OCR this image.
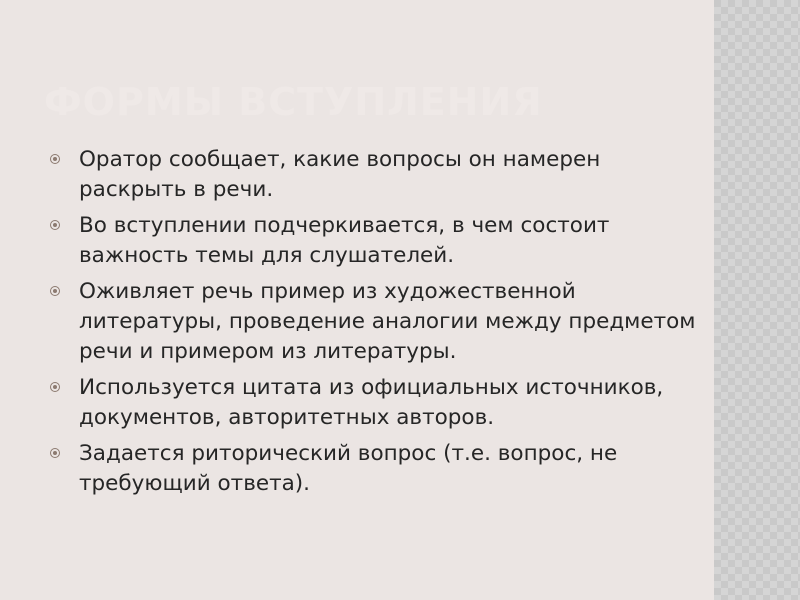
ФОРМЫ ВСТУПЛЕНИЯ
Оратор сообщает, какие вопросы он намерен раскрыть в речи.
Во вступлении подчеркивается, в чем состоит важность темы для слушателей.
Оживляет речь пример из художественной литературы, проведение аналогии между предметом речи и примером из литературы.
Используется цитата из официальных источников, документов, авторитетных авторов.
Задается риторический вопрос (т.е. вопрос, не требующий ответа).
